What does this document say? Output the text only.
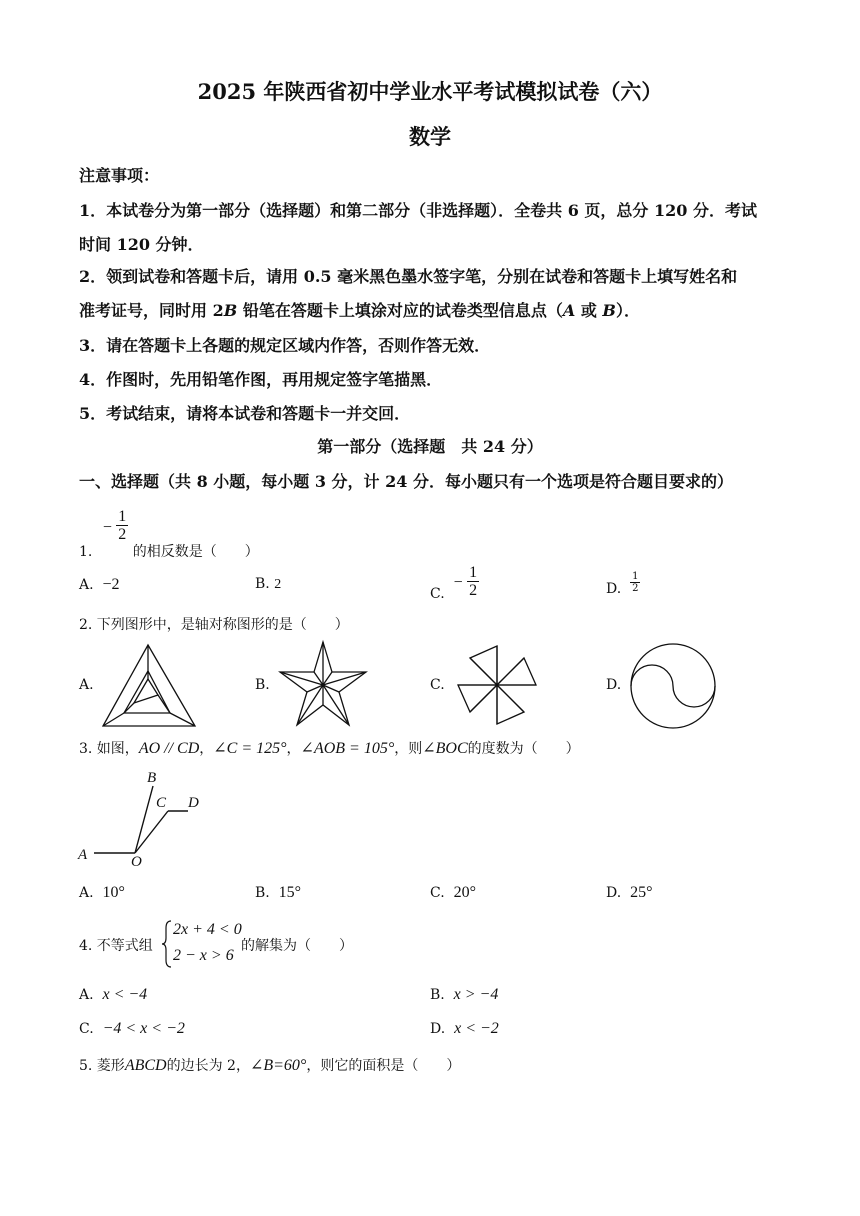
2025 年陕西省初中学业水平考试模拟试卷（六）
数学
注意事项：
1．本试卷分为第一部分（选择题）和第二部分（非选择题）．全卷共 6 页，总分 120 分．考试
时间 120 分钟．
2．领到试卷和答题卡后，请用 0.5 毫米黑色墨水签字笔，分别在试卷和答题卡上填写姓名和
准考证号，同时用 2B 铅笔在答题卡上填涂对应的试卷类型信息点（A 或 B）．
3．请在答题卡上各题的规定区域内作答，否则作答无效．
4．作图时，先用铅笔作图，再用规定签字笔描黑．
5．考试结束，请将本试卷和答题卡一并交回．
第一部分（选择题　共 24 分）
一、选择题（共 8 小题，每小题 3 分，计 24 分．每小题只有一个选项是符合题目要求的）
1. − $\frac{1}{2}$
的相反数是（　　）
A. −2	B. 2
C.  − $\frac{1}{2}$	D. $\frac{1}{2}$
2. 下列图形中，是轴对称图形的是（　　）
A.	B.	C.	D.
3. 如图，AO // CD，∠C = 125°，∠AOB = 105°，则∠BOC的度数为（　　）
A
B
C D
O
A. 10°	B. 15°	C. 20°	D. 25°
4. 不等式组
2x + 4 < 0
2 − x > 6
的解集为（　　）
A. x < −4	B. x > −4
C. −4 < x < −2	D. x < −2
5. 菱形ABCD的边长为 2，∠B=60°，则它的面积是（　　）
